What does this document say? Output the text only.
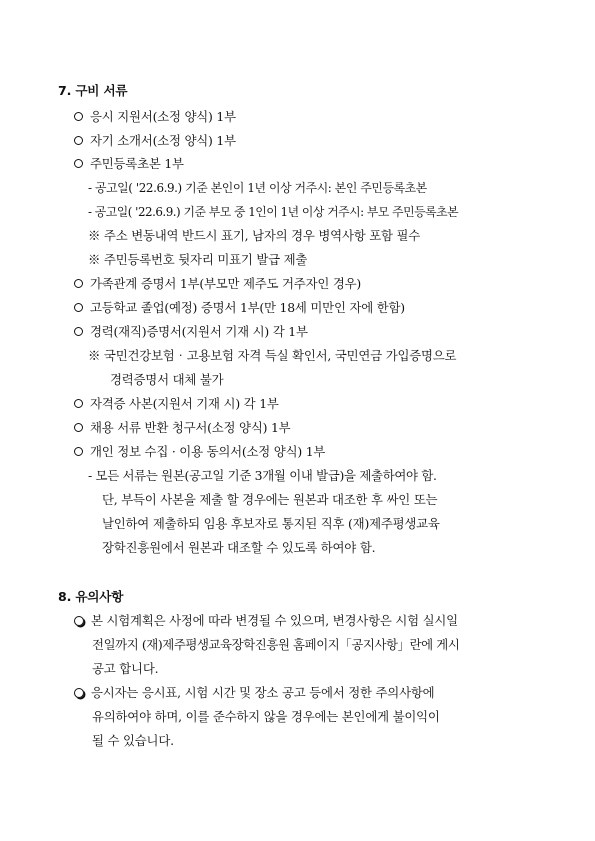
7. 구비 서류
응시 지원서(소정 양식) 1부
자기 소개서(소정 양식) 1부
주민등록초본 1부
- 공고일( '22.6.9.) 기준 본인이 1년 이상 거주시: 본인 주민등록초본
- 공고일( '22.6.9.) 기준 부모 중 1인이 1년 이상 거주시: 부모 주민등록초본
※ 주소 변동내역 반드시 표기, 남자의 경우 병역사항 포함 필수
※ 주민등록번호 뒷자리 미표기 발급 제출
가족관계 증명서 1부(부모만 제주도 거주자인 경우)
고등학교 졸업(예정) 증명서 1부(만 18세 미만인 자에 한함)
경력(재직)증명서(지원서 기재 시) 각 1부
※ 국민건강보험‧고용보험 자격 득실 확인서, 국민연금 가입증명으로
경력증명서 대체 불가
자격증 사본(지원서 기재 시) 각 1부
채용 서류 반환 청구서(소정 양식) 1부
개인 정보 수집 · 이용 동의서(소정 양식) 1부
- 모든 서류는 원본(공고일 기준 3개월 이내 발급)을 제출하여야 함.
단, 부득이 사본을 제출 할 경우에는 원본과 대조한 후 싸인 또는
날인하여 제출하되 임용 후보자로 통지된 직후 (재)제주평생교육
장학진흥원에서 원본과 대조할 수 있도록 하여야 함.
8. 유의사항
본 시험계획은 사정에 따라 변경될 수 있으며, 변경사항은 시험 실시일
전일까지 (재)제주평생교육장학진흥원 홈페이지「공지사항」란에 게시
공고 합니다.
응시자는 응시표, 시험 시간 및 장소 공고 등에서 정한 주의사항에
유의하여야 하며, 이를 준수하지 않을 경우에는 본인에게 불이익이
될 수 있습니다.
